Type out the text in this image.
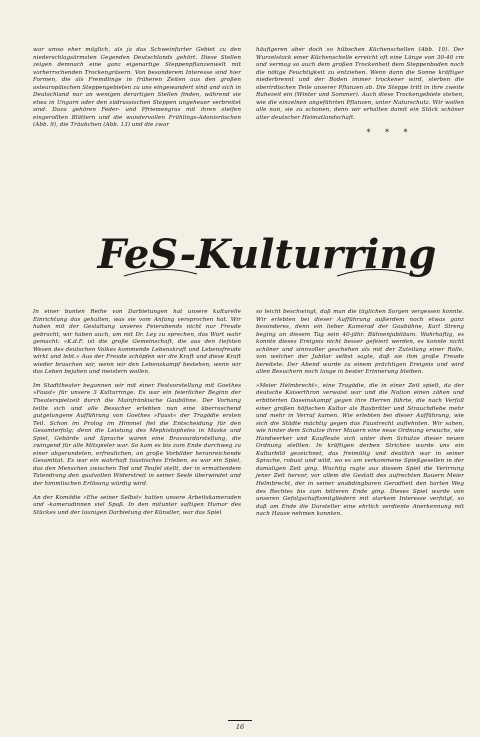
war umso eher möglich, als ja das Schweinfurter Gebiet zu den niederschlagsärmsten Gegenden Deutschlands gehört. Diese Stellen zeigen demnach eine ganz eigenartige Steppenpflanzenwelt mit vorherrschenden Trockengräsern. Von besonderem Interesse sind hier Formen, die als Fremdlinge in früheren Zeiten aus den großen osteuropäischen Steppengebieten zu uns eingewandert sind und sich in Deutschland nur an wenigen derartigen Stellen finden, während sie etwa in Ungarn oder den südrussischen Steppen ungeheuer verbreitet sind. Dazu gehören Feder- und Pfriemengras mit ihren steifen eingerollten Blättern und die wundervollen Frühlings-Adonisröschen (Abb. 9), die Träubchen (Abb. 13) und die zwar

häufigeren aber doch so hübschen Küchenschellen (Abb. 10). Der Wurzelstock einer Küchenschelle erreicht oft eine Länge von 30-40 cm und vermag so auch dem großen Trockenheit dem Steppenboden noch die nötige Feuchtigkeit zu entziehen. Wenn dann die Sonne kräftiger niederbrennt und der Boden immer trockener wird, sterben die oberirdischen Teile unserer Pflanzen ab. Die Steppe tritt in ihre zweite Ruhezeit ein (Winter und Sommer). Auch diese Trockengebiete stehen, wie die einzelnen angeführten Pflanzen, unter Naturschutz. Wir wollen alle nun, sie zu schonen, denn wir erhalten damit ein Stück schöner alter deutscher Heimatlandschaft.

* * *
FeS-Kulturring

In einer bunten Reihe von Darbietungen hat unsere kulturelle Einrichtung das gehalten, was sie vom Anfang versprochen hat. Wir haben mit der Gestaltung unseres Feierabends nicht nur Freude gebracht, wir haben auch, um mit Dr. Ley zu sprechen, das Wort wahr gemacht: »K.d.F. ist die große Gemeinschaft, die aus den tiefsten Wesen des deutschen Volkes kommende Lebenskraft und Lebensfreude wirkt und lebt.« Aus der Freude schöpfen wir die Kraft und diese Kraft wieder brauchen wir, wenn wir den Lebenskampf bestehen, wenn wir das Leben bejahen und meistern wollen.

Im Stadttheater begannen wir mit einer Festvorstellung mit Goethes »Faust« für unsere 3 Kulturringe. Es war ein feierlicher Beginn der Theaterspielzeit durch die Mainfränkische Gaubühne. Der Vorhang teilte sich und alle Besucher erlebten nun eine überraschend gutgelungene Aufführung von Goethes »Faust« der Tragödie ersten Teil. Schon im Prolog im Himmel fiel die Entscheidung für den Gesamterfolg; denn die Leistung des Mephistopheles in Maske und Spiel, Gebärde und Sprache waren eine Bravourdarstellung, die zwingend für alle Mitspieler war. So kam es bis zum Ende durchweg zu einer abgerundeten, erfreulichen, an große Vorbilder heranreichende Gesamttat. Es war ein wahrhaft faustisches Erleben, es war ein Spiel, das den Menschen zwischen Tod und Teufel stellt, der in ermattendem Tatendrang den qualvollen Widerstreit in seiner Seele überwindet und der himmlischen Erlösung würdig wird.

An der Komödie »Ehe seiner Selbst« hatten unsere Arbeitskameraden und -kameradinnen viel Spaß. In den mitunter saftigen Humor des Stückes und der launigen Darbietung der Künstler, war das Spiel

so leicht beschwingt, daß man die täglichen Sorgen vergessen konnte. Wir erlebten bei dieser Aufführung außerdem noch etwas ganz besonderes, denn ein lieber Kamerad der Gaubühne, Karl Streng beging an diesem Tag sein 40-jähr. Bühnenjubiläum. Wahrhaftig, es konnte dieses Ereignis nicht besser gefeiert werden, es konnte nicht schöner und sinnvoller geschehen als mit der Zuteilung einer Rolle, von welcher der Jubilar selbst sagte, daß sie ihm große Freude bereitete. Der Abend wurde zu einem prächtigen Ereignis und wird allen Besuchern noch lange in bester Erinnerung bleiben.

»Meier Helmbrecht«, eine Tragödie, die in einer Zeit spielt, da der deutsche Kaiserthron verwaist war und die Nation einen zähen und erbitterten Daseinskampf gegen ihre Herren führte, die nach Verfall einer großen höfischen Kultur als Raubritter und Strauchdiebe mehr und mehr in Verruf kamen. Wie erlebten bei dieser Aufführung, wie sich die Städte mächtig gegen das Faustrecht auflehnten. Wir sahen, wie hinter dem Schutze ihrer Mauern eine neue Ordnung erwuchs, wie Handwerker und Kaufleute sich unter dem Schutze dieser neuen Ordnung stellten. In kräftigen derben Strichen wurde uns ein Kulturbild gezeichnet, das freimütig und deutlich war in seiner Sprache, robust und wild, wo es um verkommene Spießgesellen in der damaligen Zeit ging. Wuchtig ragte aus diesem Spiel die Verirrung jener Zeit hervor, vor allem die Gestalt des aufrechten Bauern Meier Helmbrecht, der in seiner unabdingbaren Geradheit den harten Weg des Rechtes bis zum bitteren Ende ging. Dieses Spiel wurde von unseren Gefolgschaftsmitgliedern mit starkem Interesse verfolgt, so daß am Ende die Darsteller eine ehrlich verdiente Anerkennung mit nach Hause nehmen konnten.

16
